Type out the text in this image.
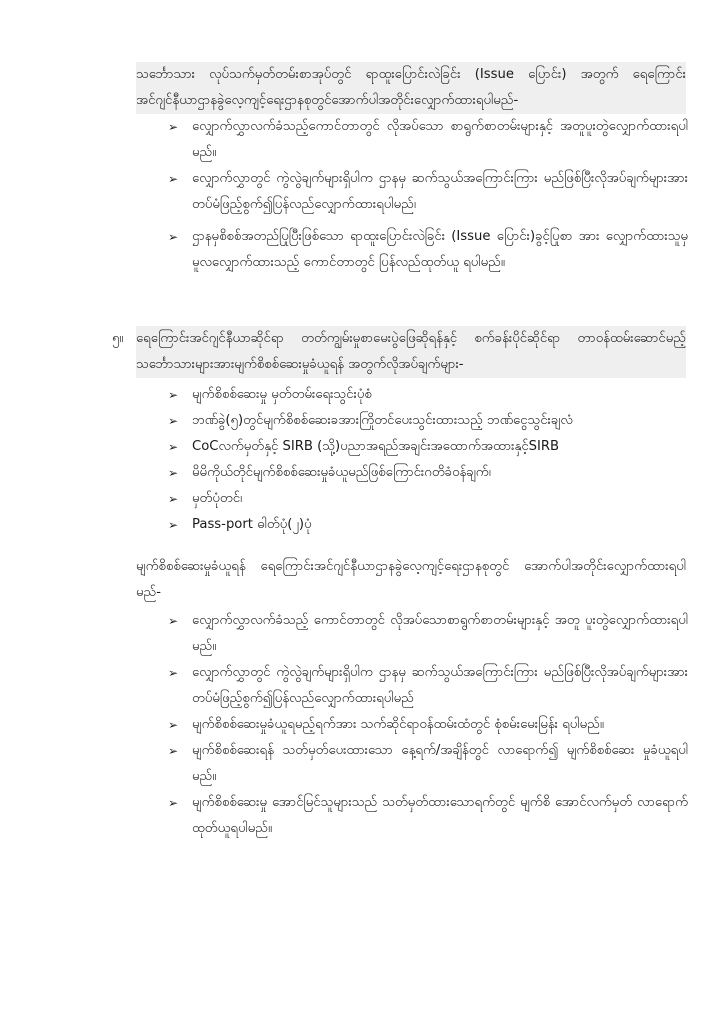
သင်္ဘောသား လုပ်သက်မှတ်တမ်းစာအုပ်တွင် ရာထူးပြောင်းလဲခြင်း (Issue ပြောင်း) အတွက် ရေကြောင်းအင်ဂျင်နီယာဌာနခွဲလေ့ကျင့်ရေးဌာနစုတွင်အောက်ပါအတိုင်းလျှောက်ထားရပါမည်-

➢ လျှောက်လွှာလက်ခံသည့်ကောင်တာတွင် လိုအပ်သော စာရွက်စာတမ်းများနှင့် အတူပူးတွဲလျှောက်ထားရပါမည်။
➢ လျှောက်လွှာတွင် ကွဲလွဲချက်များရှိပါက ဌာနမှ ဆက်သွယ်အကြောင်းကြား မည်ဖြစ်ပြီးလိုအပ်ချက်များအားတပ်မံဖြည့်စွက်၍ပြန်လည်လျှောက်ထားရပါမည်၊
➢ ဌာနမှစိစစ်အတည်ပြုပြီးဖြစ်သော ရာထူးပြောင်းလဲခြင်း (Issue ပြောင်း)ခွင့်ပြုစာ အား လျှောက်ထားသူမှ မူလလျှောက်ထားသည့် ကောင်တာတွင် ပြန်လည်ထုတ်ယူ ရပါမည်။

၅။ ရေကြောင်းအင်ဂျင်နီယာဆိုင်ရာ တတ်ကျွမ်းမှုစာမေးပွဲဖြေဆိုရန်နှင့် စက်ခန်းပိုင်ဆိုင်ရာ တာဝန်ထမ်းဆောင်မည့်သင်္ဘောသားများအားမျက်စိစစ်ဆေးမှုခံယူရန် အတွက်လိုအပ်ချက်များ-

➢ မျက်စိစစ်ဆေးမှု မှတ်တမ်းရေးသွင်းပုံစံ
➢ ဘဏ်ခွဲ(၅)တွင်မျက်စိစစ်ဆေးခအားကြိုတင်ပေးသွင်းထားသည့် ဘဏ်ငွေသွင်းချလံ
➢ CoCလက်မှတ်နှင့် SIRB (သို့)ပညာအရည်အချင်းအထောက်အထားနှင့်SIRB
➢ မိမိကိုယ်တိုင်မျက်စိစစ်ဆေးမှုခံယူမည်ဖြစ်ကြောင်းဂတိခံဝန်ချက်၊
➢ မှတ်ပုံတင်၊
➢ Pass-port ဓါတ်ပုံ(၂)ပုံ

မျက်စိစစ်ဆေးမှုခံယူရန် ရေကြောင်းအင်ဂျင်နီယာဌာနခွဲလေ့ကျင့်ရေးဌာနစုတွင် အောက်ပါအတိုင်းလျှောက်ထားရပါမည်-

➢ လျှောက်လွှာလက်ခံသည့် ကောင်တာတွင် လိုအပ်သောစာရွက်စာတမ်းများနှင့် အတူ ပူးတွဲလျှောက်ထားရပါမည်။
➢ လျှောက်လွှာတွင် ကွဲလွဲချက်များရှိပါက ဌာနမှ ဆက်သွယ်အကြောင်းကြား မည်ဖြစ်ပြီးလိုအပ်ချက်များအားတပ်မံဖြည့်စွက်၍ပြန်လည်လျှောက်ထားရပါမည်
➢ မျက်စိစစ်ဆေးမှုခံယူရမည့်ရက်အား သက်ဆိုင်ရာဝန်ထမ်းထံတွင် စုံစမ်းမေးမြန်း ရပါမည်။
➢ မျက်စိစစ်ဆေးရန် သတ်မှတ်ပေးထားသော နေ့ရက်/အချိန်တွင် လာရောက်၍ မျက်စိစစ်ဆေး မှုခံယူရပါမည်။
➢ မျက်စိစစ်ဆေးမှု အောင်မြင်သူများသည် သတ်မှတ်ထားသောရက်တွင် မျက်စိ အောင်လက်မှတ် လာရောက် ထုတ်ယူရပါမည်။
